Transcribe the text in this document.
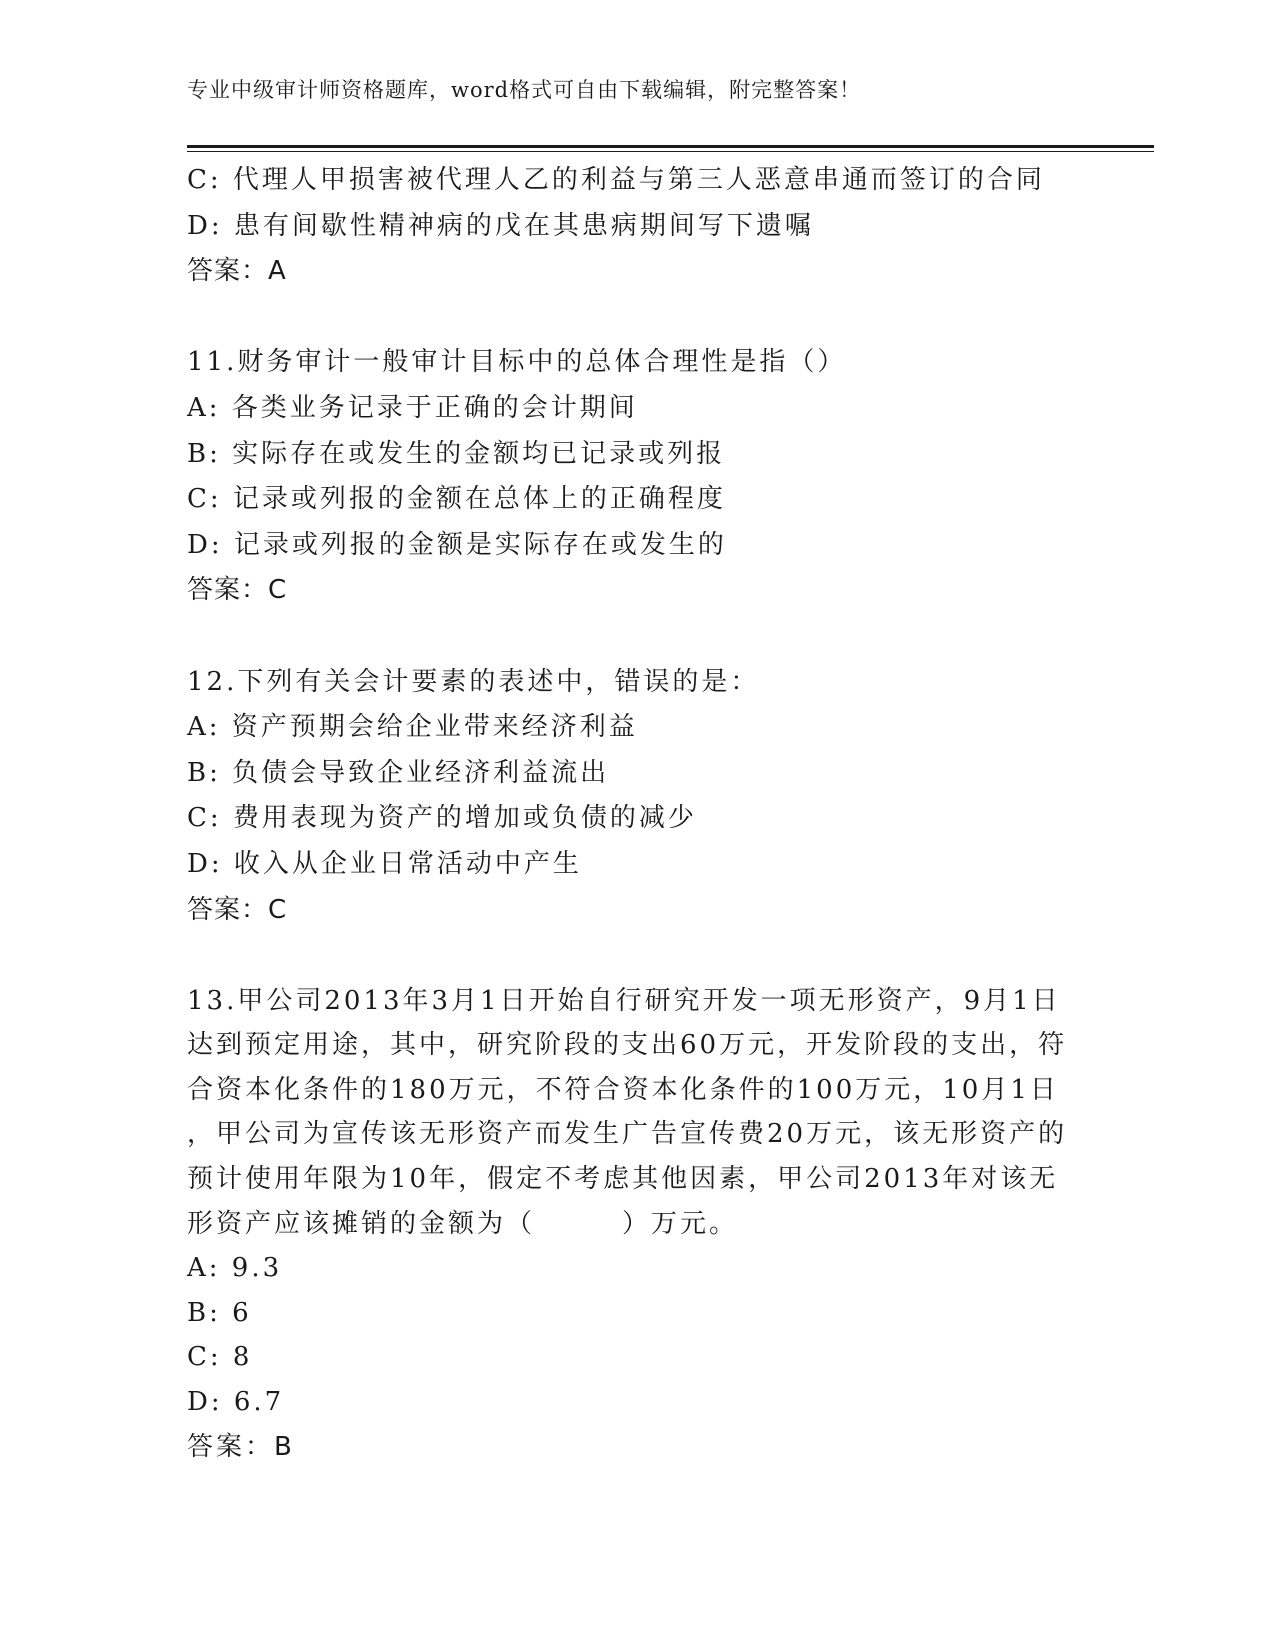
专业中级审计师资格题库，word格式可自由下载编辑，附完整答案！
C: 代理人甲损害被代理人乙的利益与第三人恶意串通而签订的合同
D: 患有间歇性精神病的戊在其患病期间写下遗嘱
答案：A
11.财务审计一般审计目标中的总体合理性是指（）
A: 各类业务记录于正确的会计期间
B: 实际存在或发生的金额均已记录或列报
C: 记录或列报的金额在总体上的正确程度
D: 记录或列报的金额是实际存在或发生的
答案：C
12.下列有关会计要素的表述中，错误的是：
A: 资产预期会给企业带来经济利益
B: 负债会导致企业经济利益流出
C: 费用表现为资产的增加或负债的减少
D: 收入从企业日常活动中产生
答案：C
13.甲公司2013年3月1日开始自行研究开发一项无形资产，9月1日
达到预定用途，其中，研究阶段的支出60万元，开发阶段的支出，符
合资本化条件的180万元，不符合资本化条件的100万元，10月1日
，甲公司为宣传该无形资产而发生广告宣传费20万元，该无形资产的
预计使用年限为10年，假定不考虑其他因素，甲公司2013年对该无
形资产应该摊销的金额为（　　　）万元。
A: 9.3
B: 6
C: 8
D: 6.7
答案：B
